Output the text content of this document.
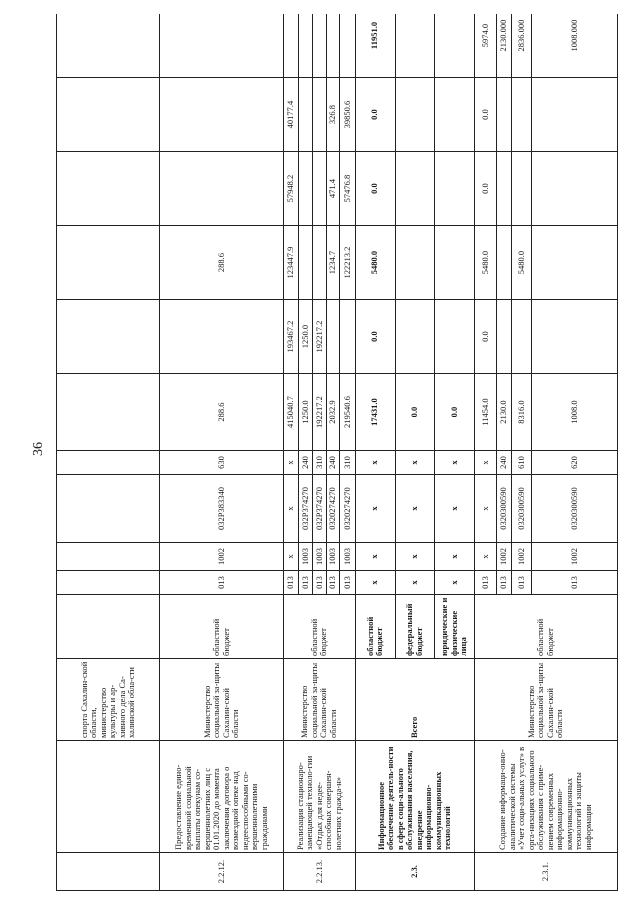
36
		спорта Сахалин-ской области, министерство культуры и ар-хивного дела Са-халинской обла-сти											
2.2.12.	Предоставление едино-временной социальной выплаты опекунам со-вершеннолетних лиц с 01.01.2020 до момента заключения договора о возмездной опеке над недееспособными со-вершеннолетними гражданами	Министерство социальной за-щиты Сахалин-ской области	областной бюджет	013	1002	032Р383340	630	288.6		288.6			
2.2.13.	Реализация стационаро-замещающей техноло-гии «Отдых для недее-способных совершен-нолетних гражда-н»	Министерство социальной за-щиты Сахалин-ской области	областной бюджет	013	х	х	х	415040.7	193467.2	123447.9	57948.2	40177.4	
				013	1003	032Р374270	240	1250.0	1250.0				
				013	1003	032Р374270	310	192217.2	192217.2				
				013	1003	0320274270	240	2032.9		1234.7	471.4	326.8	
				013	1003	0320274270	310	219540.6		122213.2	57476.8	39850.6	
2.3.	Информационное обеспечение деятель-ности в сфере соци-ального обслуживания населения, внедрение информационно-коммуникационных технологий	Всего	областной бюджет	х	х	х	х	17431.0	0.0	5480.0	0.0	0.0	11951.0
			федеральный бюджет	х	х	х	х	0.0					
			юридические и физические лица	х	х	х	х	0.0					
2.3.1.	Создание информаци-онно- аналитической системы «Учет соци-альных услуг» в орга-низациях социального обслуживания с приме-нением современных информационно-коммуникационных технологий и защиты информации	Министерство социальной за-щиты Сахалин-ской области	областной бюджет	013	х	х	х	11454.0	0.0	5480.0	0.0	0.0	5974.0
				013	1002	0320300590	240	2130.0					2130.000
				013	1002	0320300590	610	8316.0		5480.0			2836.000
				013	1002	0320300590	620	1008.0					1008.000
